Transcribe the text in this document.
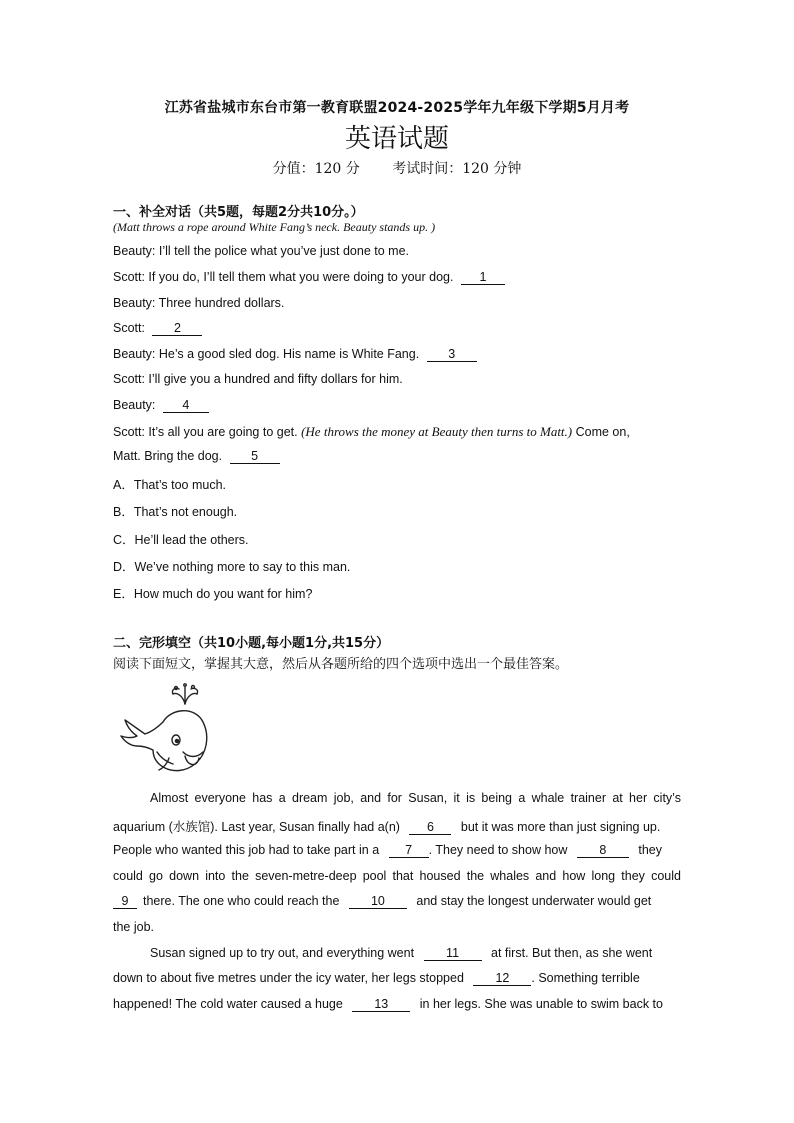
江苏省盐城市东台市第一教育联盟2024-2025学年九年级下学期5月月考
英语试题
分值：120 分 考试时间：120 分钟
一、补全对话（共5题，每题2分共10分。）
(Matt throws a rope around White Fang’s neck. Beauty stands up. )
Beauty: I’ll tell the police what you’ve just done to me.
Scott: If you do, I’ll tell them what you were doing to your dog. 1
Beauty: Three hundred dollars.
Scott: 2
Beauty: He’s a good sled dog. His name is White Fang. 3
Scott: I’ll give you a hundred and fifty dollars for him.
Beauty: 4
Scott: It’s all you are going to get. (He throws the money at Beauty then turns to Matt.) Come on,
Matt. Bring the dog. 5
A．That’s too much.
B．That’s not enough.
C．He’ll lead the others.
D．We’ve nothing more to say to this man.
E．How much do you want for him?
二、完形填空（共10小题,每小题1分,共15分）
阅读下面短文，掌握其大意，然后从各题所给的四个选项中选出一个最佳答案。
Almost everyone has a dream job, and for Susan, it is being a whale trainer at her city’s
aquarium (水族馆). Last year, Susan finally had a(n) 6 but it was more than just signing up.
People who wanted this job had to take part in a 7 . They need to show how	8	they
could go down into the seven-metre-deep pool that housed the whales and how long they could
9 there. The one who could reach the	10	and stay the longest underwater would get
the job.
Susan signed up to try out, and everything went	11	at first. But then, as she went
down to about five metres under the icy water, her legs stopped	12 . Something terrible
happened! The cold water caused a huge	13	in her legs. She was unable to swim back to
